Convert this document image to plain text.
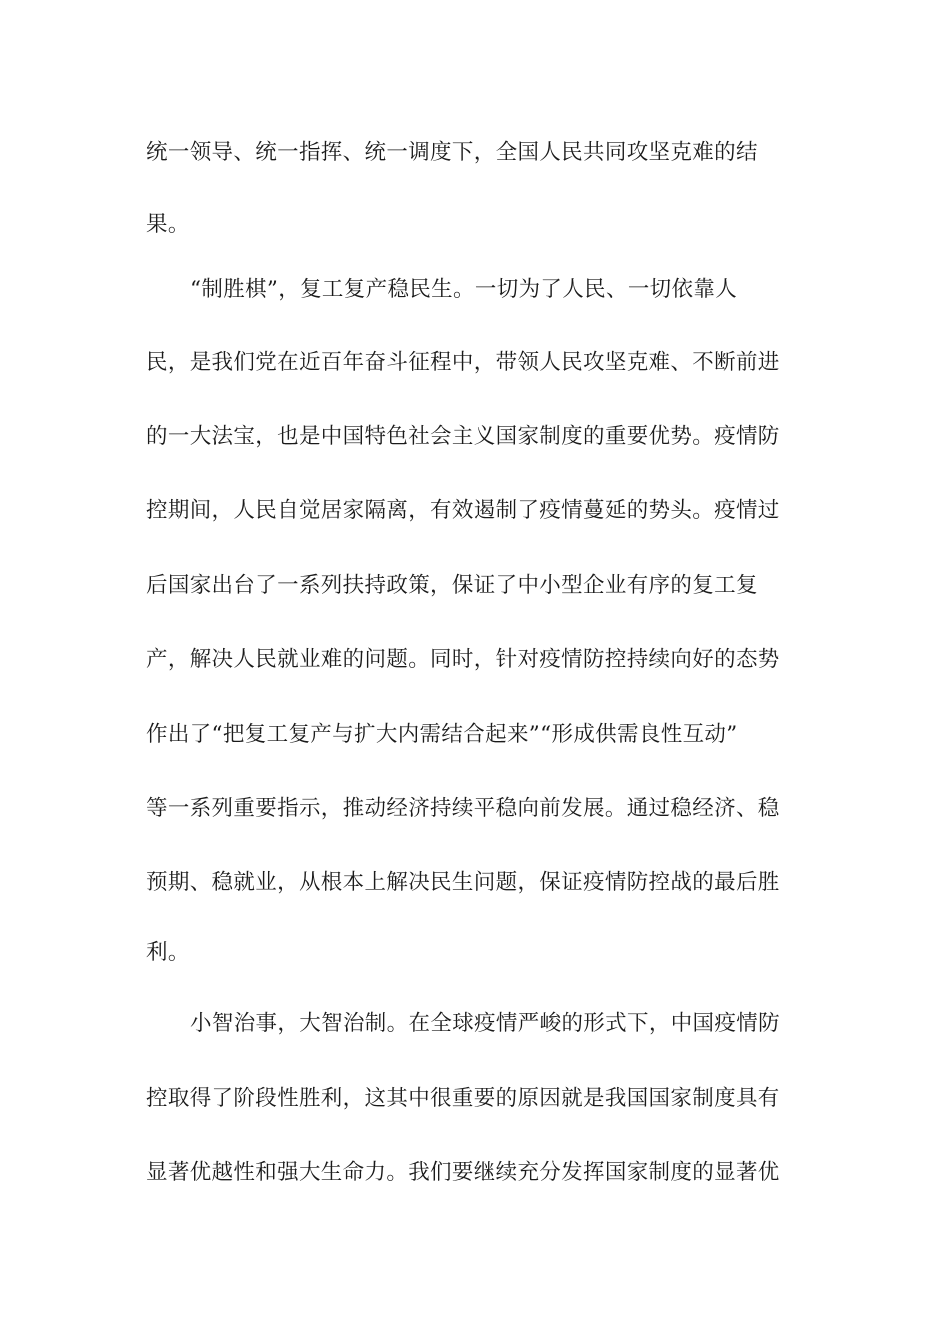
统一领导、统一指挥、统一调度下，全国人民共同攻坚克难的结
果。
“制胜棋”，复工复产稳民生。一切为了人民、一切依靠人
民，是我们党在近百年奋斗征程中，带领人民攻坚克难、不断前进
的一大法宝，也是中国特色社会主义国家制度的重要优势。疫情防
控期间，人民自觉居家隔离，有效遏制了疫情蔓延的势头。疫情过
后国家出台了一系列扶持政策，保证了中小型企业有序的复工复
产，解决人民就业难的问题。同时，针对疫情防控持续向好的态势
作出了“把复工复产与扩大内需结合起来”“形成供需良性互动”
等一系列重要指示，推动经济持续平稳向前发展。通过稳经济、稳
预期、稳就业，从根本上解决民生问题，保证疫情防控战的最后胜
利。
小智治事，大智治制。在全球疫情严峻的形式下，中国疫情防
控取得了阶段性胜利，这其中很重要的原因就是我国国家制度具有
显著优越性和强大生命力。我们要继续充分发挥国家制度的显著优
